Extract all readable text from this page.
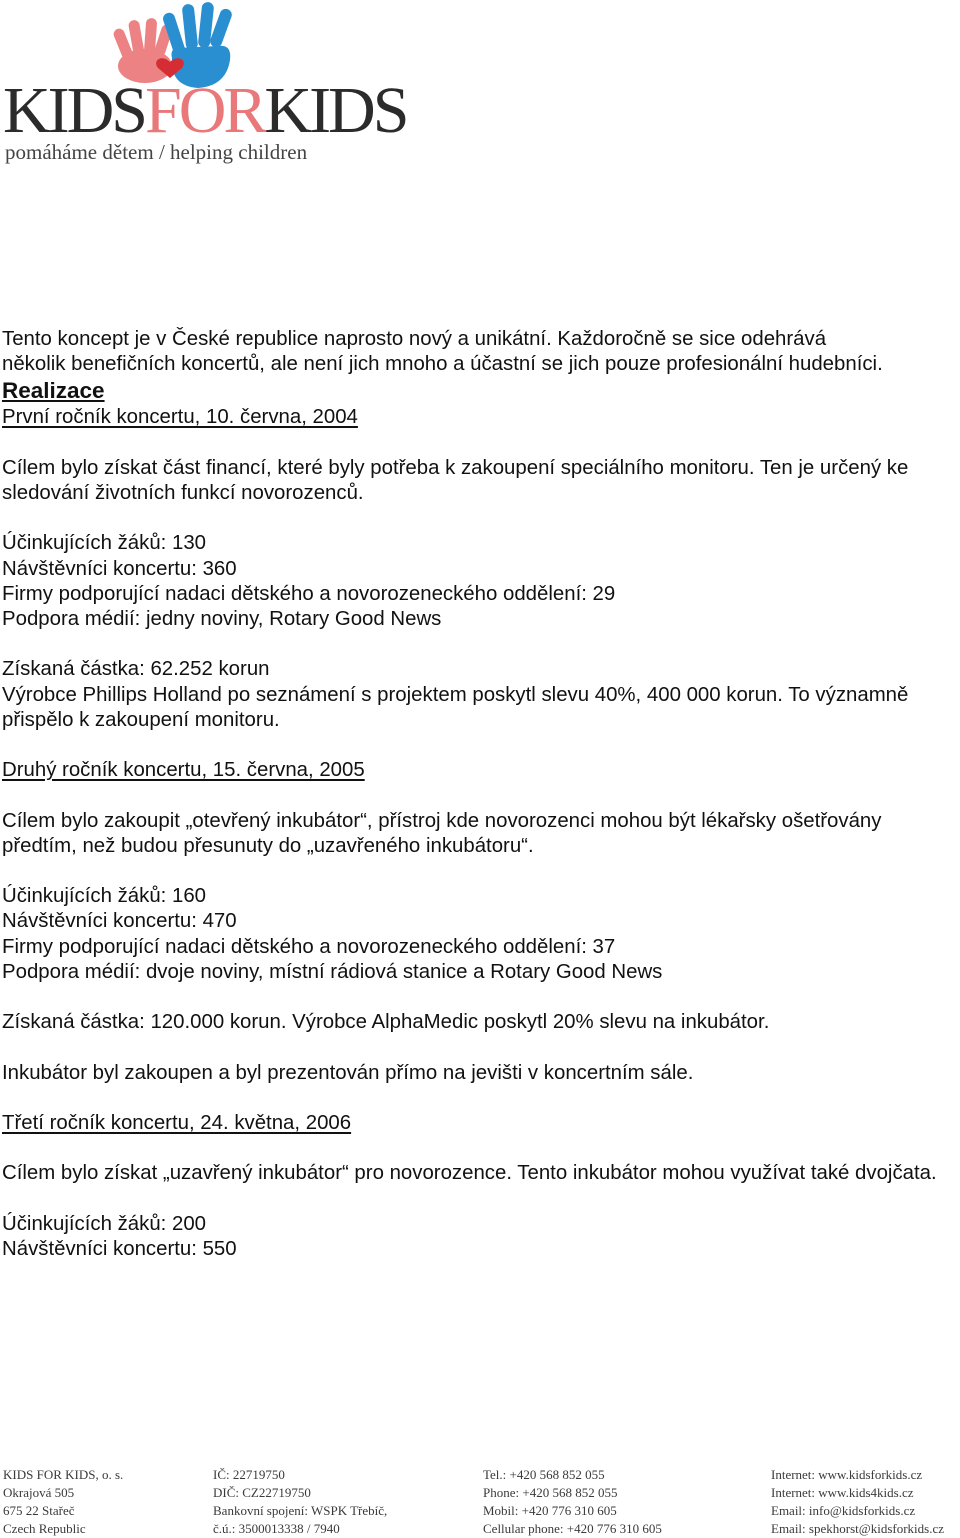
KIDSFORKIDS
pomáháme dětem / helping children

Tento koncept je v České republice naprosto nový a unikátní. Každoročně se sice odehrává

několik benefičních koncertů, ale není jich mnoho a účastní se jich pouze profesionální hudebníci.

Realizace

První ročník koncertu, 10. června, 2004

Cílem bylo získat část financí, které byly potřeba k zakoupení speciálního monitoru. Ten je určený ke sledování životních funkcí novorozenců.

Účinkujících žáků: 130

Návštěvníci koncertu: 360

Firmy podporující nadaci dětského a novorozeneckého oddělení: 29

Podpora médií: jedny noviny, Rotary Good News

Získaná částka: 62.252 korun

Výrobce Phillips Holland po seznámení s projektem poskytl slevu 40%, 400 000 korun. To významně přispělo k zakoupení monitoru.

Druhý ročník koncertu, 15. června, 2005

Cílem bylo zakoupit „otevřený inkubátor“, přístroj kde novorozenci mohou být lékařsky ošetřovány předtím, než budou přesunuty do „uzavřeného inkubátoru“.

Účinkujících žáků: 160

Návštěvníci koncertu: 470

Firmy podporující nadaci dětského a novorozeneckého oddělení: 37

Podpora médií: dvoje noviny, místní rádiová stanice a Rotary Good News

Získaná částka: 120.000 korun. Výrobce AlphaMedic poskytl 20% slevu na inkubátor.

Inkubátor byl zakoupen a byl prezentován přímo na jevišti v koncertním sále.

Třetí ročník koncertu, 24. května, 2006

Cílem bylo získat „uzavřený inkubátor“ pro novorozence. Tento inkubátor mohou využívat také dvojčata.

Účinkujících žáků: 200

Návštěvníci koncertu: 550

KIDS FOR KIDS, o. s.
Okrajová 505
675 22 Stařeč
Czech Republic
IČ: 22719750
DIČ: CZ22719750
Bankovní spojení: WSPK Třebíč,
č.ú.: 3500013338 / 7940
Tel.: +420 568 852 055
Phone: +420 568 852 055
Mobil: +420 776 310 605
Cellular phone: +420 776 310 605
Internet: www.kidsforkids.cz
Internet: www.kids4kids.cz
Email: info@kidsforkids.cz
Email: spekhorst@kidsforkids.cz
